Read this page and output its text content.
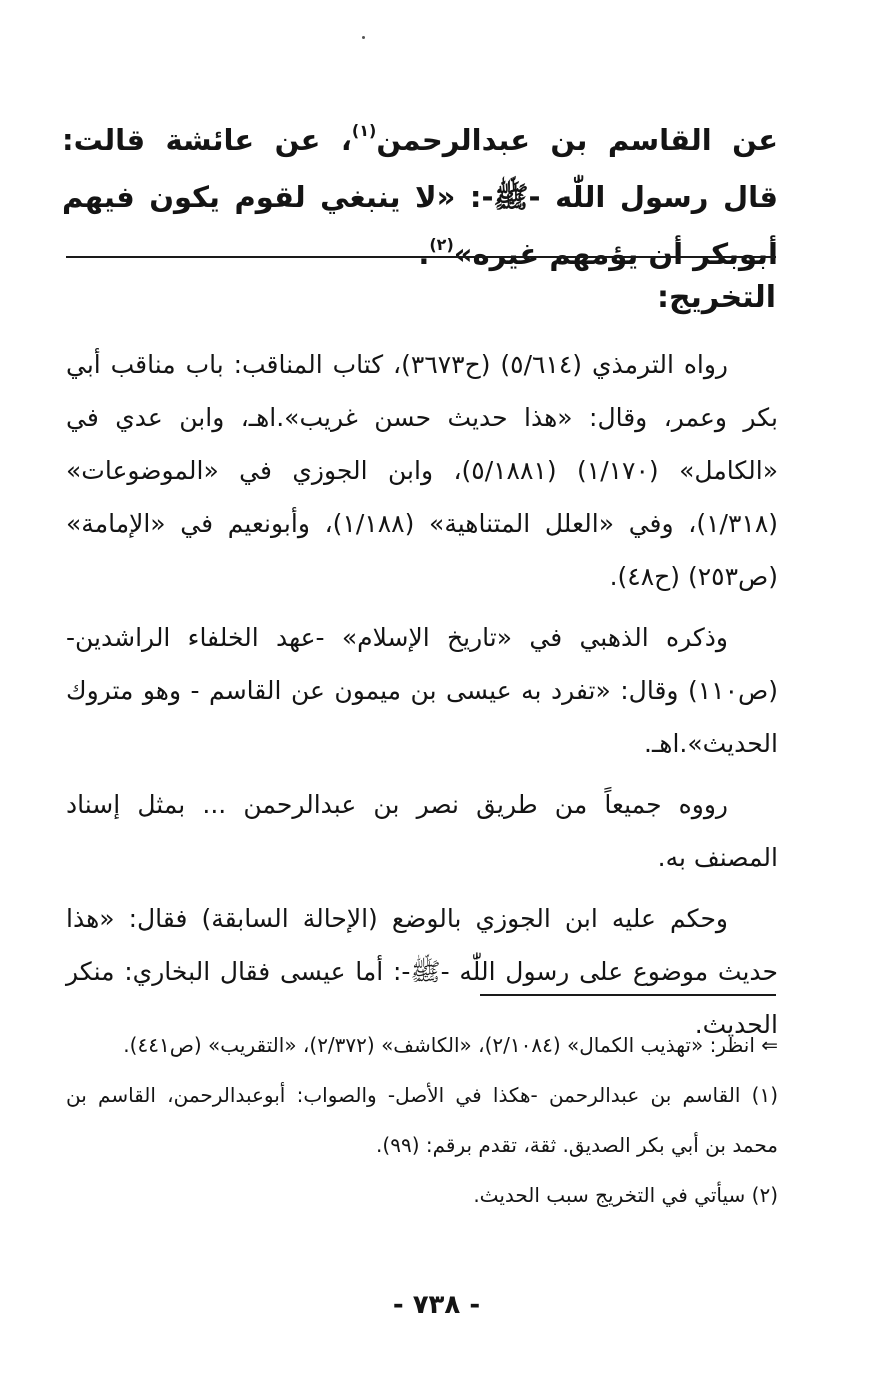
عن القاسم بن عبدالرحمن$^{(١)}$، عن عائشة قالت: قال رسول اللّٰه -ﷺ-: «لا ينبغي لقوم يكون فيهم أبوبكر أن يؤمهم غيره»$^{(٢)}$.
التخريج:

رواه الترمذي (٥/٦١٤) (ح٣٦٧٣)، كتاب المناقب: باب مناقب أبي بكر وعمر، وقال: «هذا حديث حسن غريب».اهـ، وابن عدي في «الكامل» (١/١٧٠) (٥/١٨٨١)، وابن الجوزي في «الموضوعات» (١/٣١٨)، وفي «العلل المتناهية» (١/١٨٨)، وأبونعيم في «الإمامة» (ص٢٥٣) (ح٤٨).

وذكره الذهبي في «تاريخ الإسلام» -عهد الخلفاء الراشدين- (ص١١٠) وقال: «تفرد به عيسى بن ميمون عن القاسم - وهو متروك الحديث».اهـ.

رووه جميعاً من طريق نصر بن عبدالرحمن ... بمثل إسناد المصنف به.

وحكم عليه ابن الجوزي بالوضع (الإحالة السابقة) فقال: «هذا حديث موضوع على رسول اللّٰه -ﷺ-: أما عيسى فقال البخاري: منكر الحديث.

⇐ انظر: «تهذيب الكمال» (٢/١٠٨٤)، «الكاشف» (٢/٣٧٢)، «التقريب» (ص٤٤١).

(١) القاسم بن عبدالرحمن -هكذا في الأصل- والصواب: أبوعبدالرحمن، القاسم بن محمد بن أبي بكر الصديق. ثقة، تقدم برقم: (٩٩).

(٢) سيأتي في التخريج سبب الحديث.

- ٧٣٨ -
